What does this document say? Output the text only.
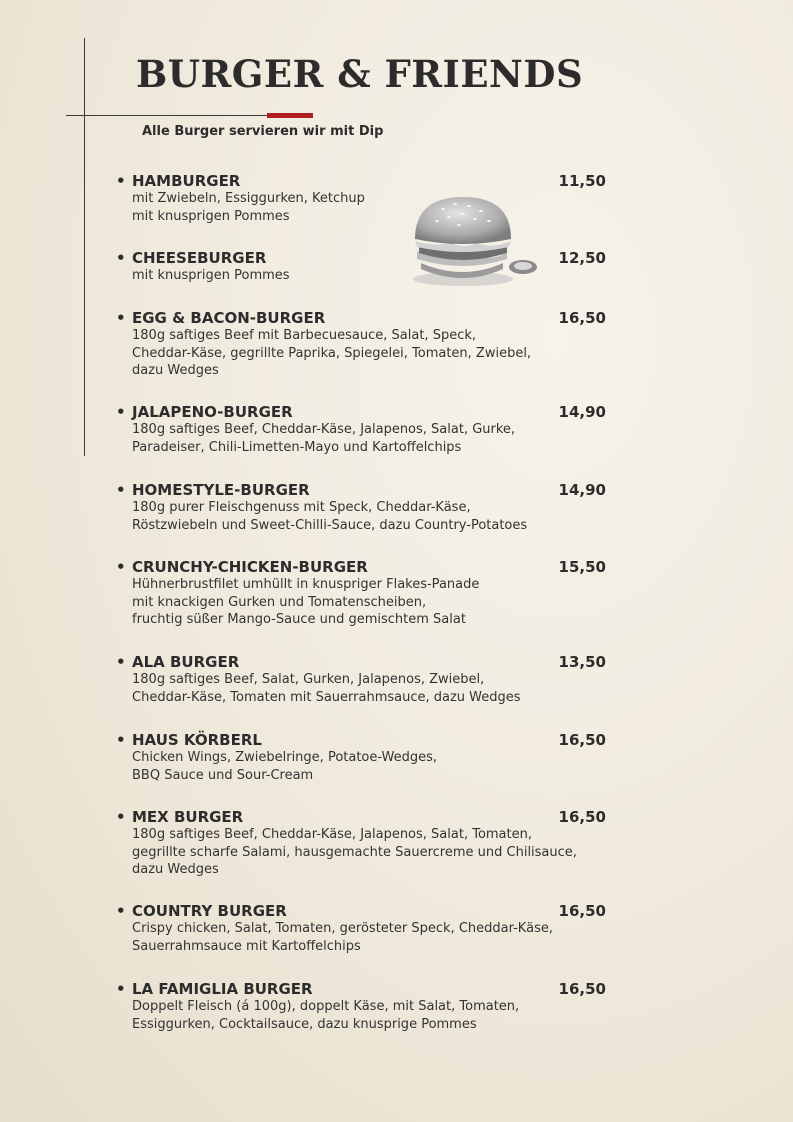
BURGER & FRIENDS
Alle Burger servieren wir mit Dip
• HAMBURGER	11,50
mit Zwiebeln, Essiggurken, Ketchup
mit knusprigen Pommes
• CHEESEBURGER	12,50
mit knusprigen Pommes
• EGG & BACON-BURGER	16,50
180g saftiges Beef mit Barbecuesauce, Salat, Speck,
Cheddar-Käse, gegrillte Paprika, Spiegelei, Tomaten, Zwiebel,
dazu Wedges
• JALAPENO-BURGER	14,90
180g saftiges Beef, Cheddar-Käse, Jalapenos, Salat, Gurke,
Paradeiser, Chili-Limetten-Mayo und Kartoffelchips
• HOMESTYLE-BURGER	14,90
180g purer Fleischgenuss mit Speck, Cheddar-Käse,
Röstzwiebeln und Sweet-Chilli-Sauce, dazu Country-Potatoes
• CRUNCHY-CHICKEN-BURGER	15,50
Hühnerbrustfilet umhüllt in knuspriger Flakes-Panade
mit knackigen Gurken und Tomatenscheiben,
fruchtig süßer Mango-Sauce und gemischtem Salat
• ALA BURGER	13,50
180g saftiges Beef, Salat, Gurken, Jalapenos, Zwiebel,
Cheddar-Käse, Tomaten mit Sauerrahmsauce, dazu Wedges
• HAUS KÖRBERL	16,50
Chicken Wings, Zwiebelringe, Potatoe-Wedges,
BBQ Sauce und Sour-Cream
• MEX BURGER	16,50
180g saftiges Beef, Cheddar-Käse, Jalapenos, Salat, Tomaten,
gegrillte scharfe Salami, hausgemachte Sauercreme und Chilisauce,
dazu Wedges
• COUNTRY BURGER	16,50
Crispy chicken, Salat, Tomaten, gerösteter Speck, Cheddar-Käse,
Sauerrahmsauce mit Kartoffelchips
• LA FAMIGLIA BURGER	16,50
Doppelt Fleisch (á 100g), doppelt Käse, mit Salat, Tomaten,
Essiggurken, Cocktailsauce, dazu knusprige Pommes
